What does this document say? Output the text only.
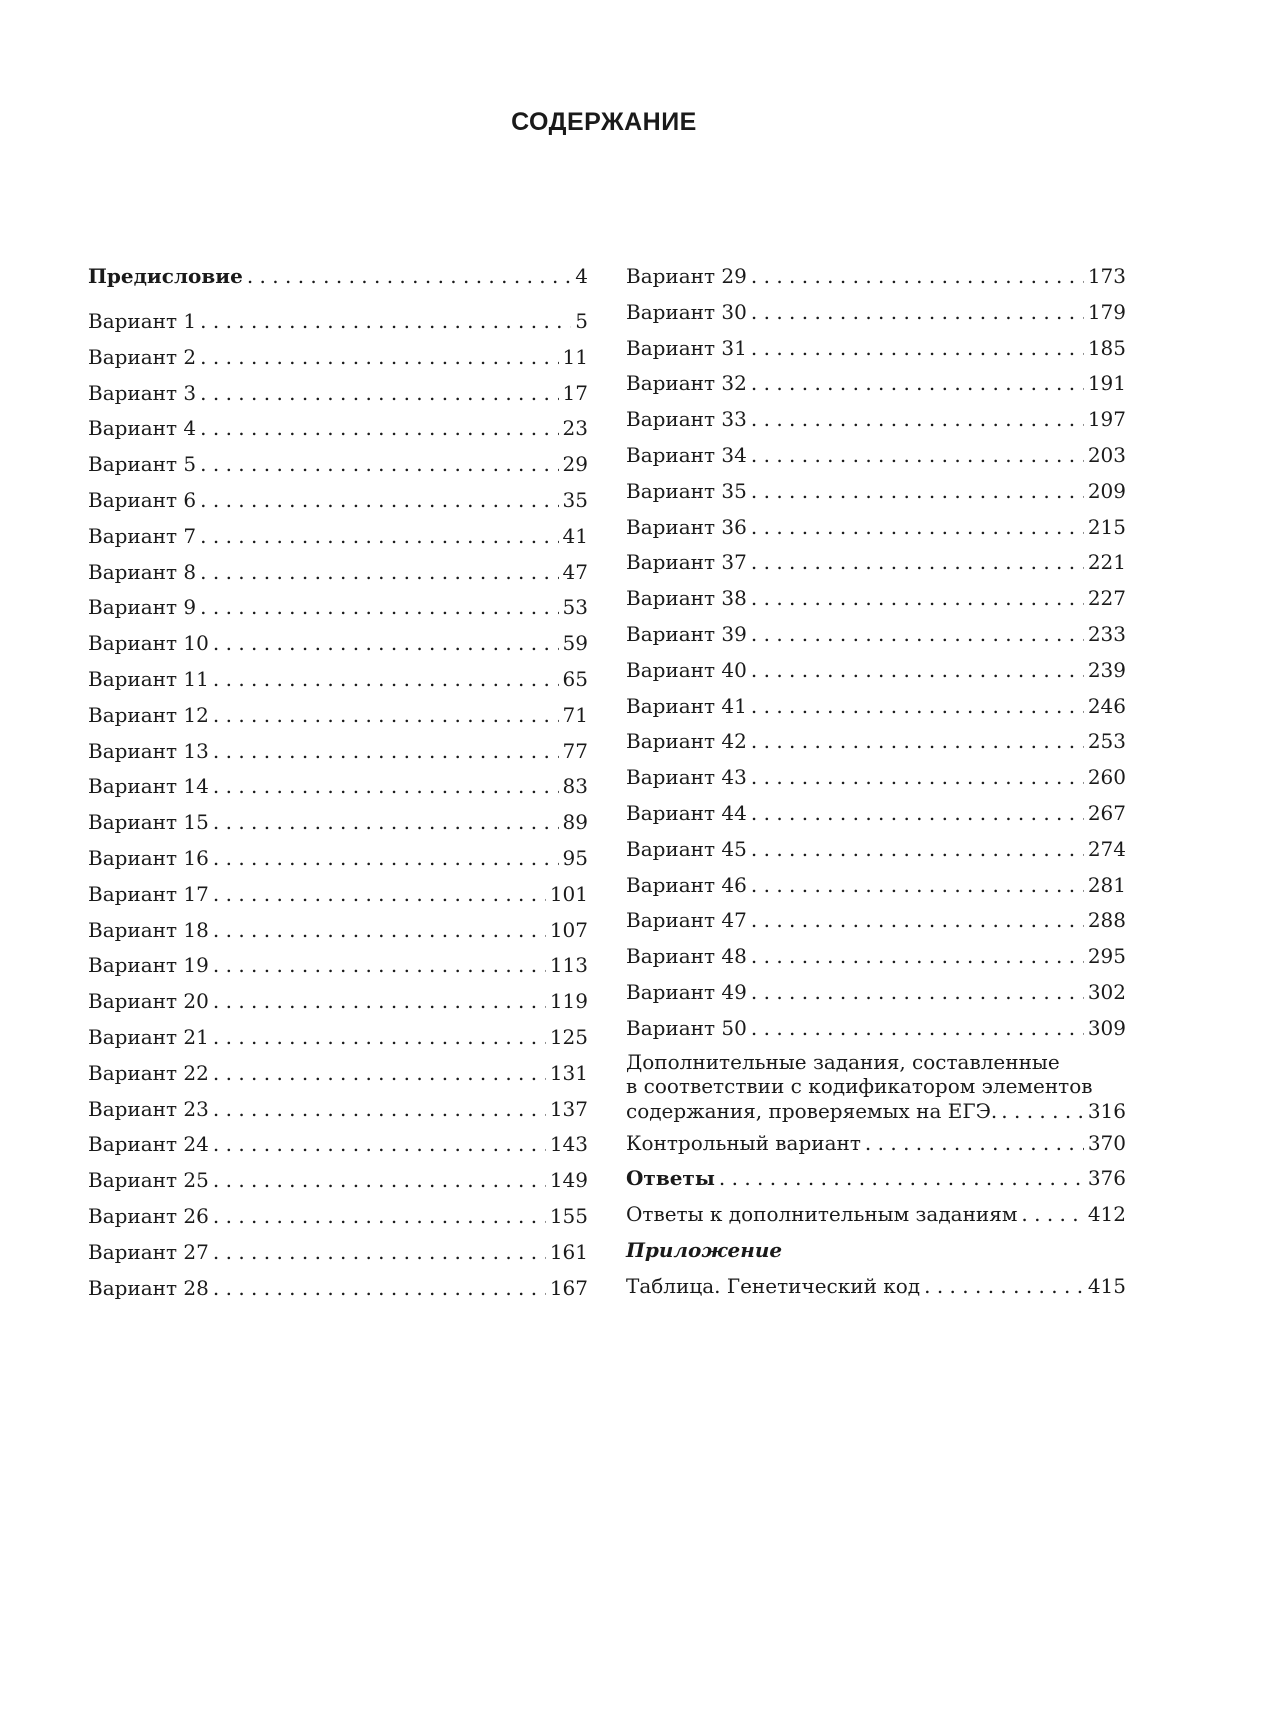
СОДЕРЖАНИЕ
Предисловие . . .	4
Вариант 1 . . .	5
Вариант 2 . . .	11
Вариант 3 . . .	17
Вариант 4 . . .	23
Вариант 5 . . .	29
Вариант 6 . . .	35
Вариант 7 . . .	41
Вариант 8 . . .	47
Вариант 9 . . .	53
Вариант 10 . . .	59
Вариант 11 . . .	65
Вариант 12 . . .	71
Вариант 13 . . .	77
Вариант 14 . . .	83
Вариант 15 . . .	89
Вариант 16 . . .	95
Вариант 17 . . .	101
Вариант 18 . . .	107
Вариант 19 . . .	113
Вариант 20 . . .	119
Вариант 21 . . .	125
Вариант 22 . . .	131
Вариант 23 . . .	137
Вариант 24 . . .	143
Вариант 25 . . .	149
Вариант 26 . . .	155
Вариант 27 . . .	161
Вариант 28 . . .	167
Вариант 29 . . .	173
Вариант 30 . . .	179
Вариант 31 . . .	185
Вариант 32 . . .	191
Вариант 33 . . .	197
Вариант 34 . . .	203
Вариант 35 . . .	209
Вариант 36 . . .	215
Вариант 37 . . .	221
Вариант 38 . . .	227
Вариант 39 . . .	233
Вариант 40 . . .	239
Вариант 41 . . .	246
Вариант 42 . . .	253
Вариант 43 . . .	260
Вариант 44 . . .	267
Вариант 45 . . .	274
Вариант 46 . . .	281
Вариант 47 . . .	288
Вариант 48 . . .	295
Вариант 49 . . .	302
Вариант 50 . . .	309
Дополнительные задания, составленные
в соответствии с кодификатором элементов
содержания, проверяемых на ЕГЭ. . . .	316
Контрольный вариант . . .	370
Ответы . . .	376
Ответы к дополнительным заданиям . . .	412
Приложение
Таблица. Генетический код . . .	415
